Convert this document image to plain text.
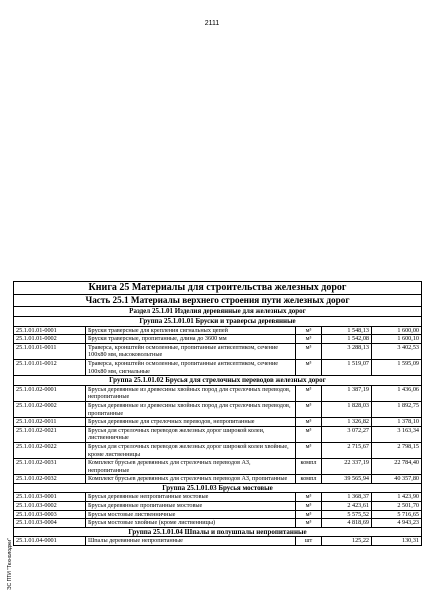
2111
ЭС ПТИ "Технолоджи"
Книга 25 Материалы для строительства железных дорог				
Часть 25.1 Материалы верхнего строения пути железных дорог				
Раздел 25.1.01 Изделия деревянные для железных дорог				
Группа 25.1.01.01 Бруски и траверсы деревянные				
25.1.01.01-0001	Бруски траверсные для крепления сигнальных цепей	м³	1 548,13	1 600,00
25.1.01.01-0002	Бруски траверсные, пропитанные, длина до 3600 мм	м³	1 542,08	1 600,10
25.1.01.01-0011	Траверса, кронштейн осмоленные, пропитанные антисептиком, сечение 100x80 мм, высоковольтные	м³	3 288,13	3 402,53
25.1.01.01-0012	Траверса, кронштейн осмоленные, пропитанные антисептиком, сечение 100x80 мм, сигнальные	м³	1 519,07	1 595,09
Группа 25.1.01.02 Брусья для стрелочных переводов железных дорог				
25.1.01.02-0001	Брусья деревянные из древесины хвойных пород для стрелочных переводов, непропитанные	м³	1 387,19	1 436,06
25.1.01.02-0002	Брусья деревянные из древесины хвойных пород для стрелочных переводов, пропитанные	м³	1 828,03	1 892,75
25.1.01.02-0011	Брусья деревянные для стрелочных переводов, непропитанные	м³	1 326,82	1 378,10
25.1.01.02-0021	Брусья для стрелочных переводов железных дорог широкой колеи, лиственничные	м³	3 072,27	3 163,34
25.1.01.02-0022	Брусья для стрелочных переводов железных дорог широкой колеи хвойные, кроме лиственницы	м³	2 715,67	2 798,15
25.1.01.02-0031	Комплект брусьев деревянных для стрелочных переводов АЗ, непропитанные	компл	22 337,19	22 784,40
25.1.01.02-0032	Комплект брусьев деревянных для стрелочных переводов АЗ, пропитанные	компл	39 565,94	40 357,80
Группа 25.1.01.03 Брусья мостовые				
25.1.01.03-0001	Брусья деревянные непропитанные мостовые	м³	1 368,37	1 423,90
25.1.01.03-0002	Брусья деревянные пропитанные мостовые	м³	2 423,61	2 501,70
25.1.01.03-0003	Брусья мостовые лиственничные	м³	5 575,52	5 716,65
25.1.01.03-0004	Брусья мостовые хвойные (кроме лиственницы)	м³	4 818,69	4 943,23
Группа 25.1.01.04 Шпалы и полушпалы непропитанные				
25.1.01.04-0001	Шпалы деревянные непропитанные	шт	125,22	130,31
